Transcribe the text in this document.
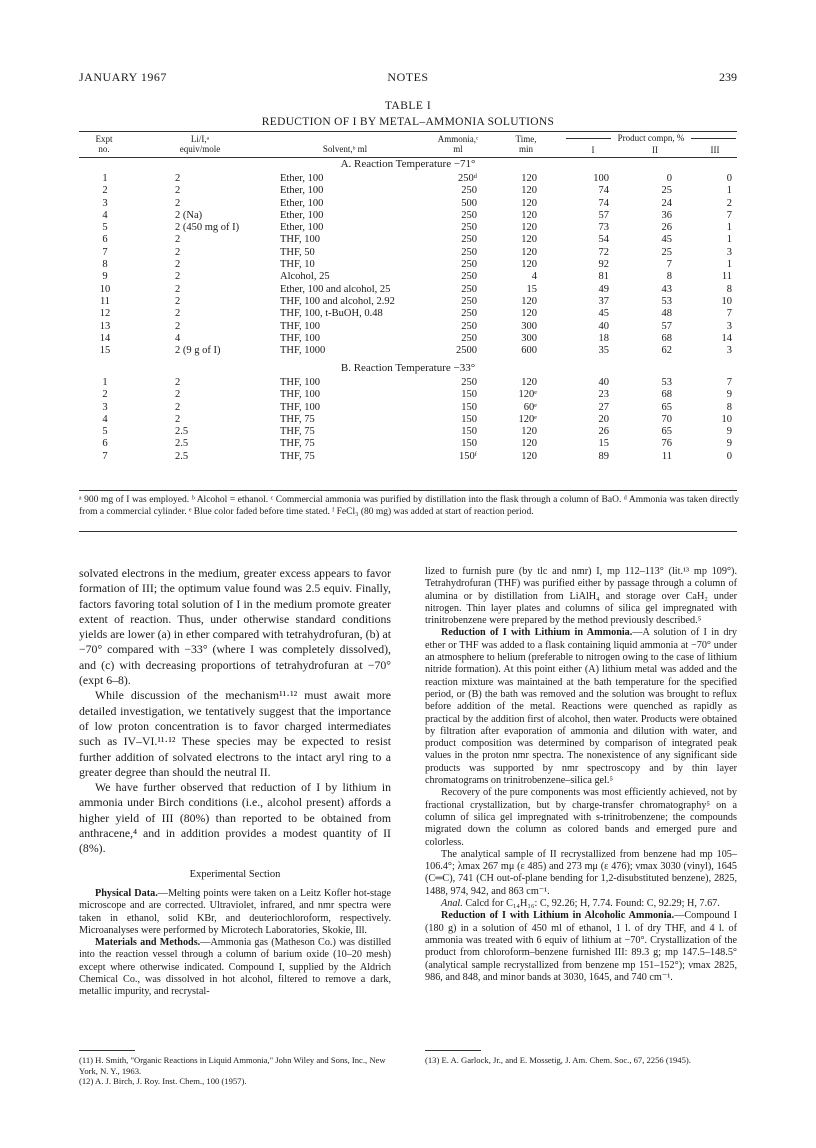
JANUARY 1967	NOTES	239
TABLE I
REDUCTION OF I BY METAL–AMMONIA SOLUTIONS
Expt
no.
Li/I,ᵃ
equiv/mole	Solvent,ᵇ ml
Ammonia,ᶜ
ml
Time,
min
Product compn, %
I	II	III
A. Reaction Temperature −71°
1	2	Ether, 100	250ᵈ	120	100	0	0
2	2	Ether, 100	250	120	74	25	1
3	2	Ether, 100	500	120	74	24	2
4	2 (Na)	Ether, 100	250	120	57	36	7
5	2 (450 mg of I)	Ether, 100	250	120	73	26	1
6	2	THF, 100	250	120	54	45	1
7	2	THF, 50	250	120	72	25	3
8	2	THF, 10	250	120	92	7	1
9	2	Alcohol, 25	250	4	81	8	11
10	2	Ether, 100 and alcohol, 25	250	15	49	43	8
11	2	THF, 100 and alcohol, 2.92	250	120	37	53	10
12	2	THF, 100, t-BuOH, 0.48	250	120	45	48	7
13	2	THF, 100	250	300	40	57	3
14	4	THF, 100	250	300	18	68	14
15	2 (9 g of I)	THF, 1000	2500	600	35	62	3
B. Reaction Temperature −33°
1	2	THF, 100	250	120	40	53	7
2	2	THF, 100	150	120ᵉ	23	68	9
3	2	THF, 100	150	60ᵉ	27	65	8
4	2	THF, 75	150	120ᵉ	20	70	10
5	2.5	THF, 75	150	120	26	65	9
6	2.5	THF, 75	150	120	15	76	9
7	2.5	THF, 75	150ᶠ	120	89	11	0
ᵃ 900 mg of I was employed. ᵇ Alcohol = ethanol. ᶜ Commercial ammonia was purified by distillation into the flask through a column of BaO. ᵈ Ammonia was taken directly from a commercial cylinder. ᵉ Blue color faded before time stated. ᶠ FeCl₃ (80 mg) was added at start of reaction period.

solvated electrons in the medium, greater excess appears to favor formation of III; the optimum value found was 2.5 equiv. Finally, factors favoring total solution of I in the medium promote greater extent of reaction. Thus, under otherwise standard conditions yields are lower (a) in ether compared with tetrahydrofuran, (b) at −70° compared with −33° (where I was completely dissolved), and (c) with decreasing proportions of tetrahydrofuran at −70° (expt 6–8).

While discussion of the mechanism¹¹·¹² must await more detailed investigation, we tentatively suggest that the importance of low proton concentration is to favor charged intermediates such as IV–VI.¹¹·¹² These species may be expected to resist further addition of solvated electrons to the intact aryl ring to a greater degree than should the neutral II.

We have further observed that reduction of I by lithium in ammonia under Birch conditions (i.e., alcohol present) affords a higher yield of III (80%) than reported to be obtained from anthracene,⁴ and in addition provides a modest quantity of II (8%).

Experimental Section

Physical Data.—Melting points were taken on a Leitz Kofler hot-stage microscope and are corrected. Ultraviolet, infrared, and nmr spectra were taken in ethanol, solid KBr, and deuteriochloroform, respectively. Microanalyses were performed by Microtech Laboratories, Skokie, Ill.

Materials and Methods.—Ammonia gas (Matheson Co.) was distilled into the reaction vessel through a column of barium oxide (10–20 mesh) except where otherwise indicated. Compound I, supplied by the Aldrich Chemical Co., was dissolved in hot alcohol, filtered to remove a dark, metallic impurity, and recrystal-

lized to furnish pure (by tlc and nmr) I, mp 112–113° (lit.¹³ mp 109°). Tetrahydrofuran (THF) was purified either by passage through a column of alumina or by distillation from LiAlH₄ and storage over CaH₂ under nitrogen. Thin layer plates and columns of silica gel impregnated with trinitrobenzene were prepared by the method previously described.⁵

Reduction of I with Lithium in Ammonia.—A solution of I in dry ether or THF was added to a flask containing liquid ammonia at −70° under an atmosphere to helium (preferable to nitrogen owing to the case of lithium nitride formation). At this point either (A) lithium metal was added and the reaction mixture was maintained at the bath temperature for the specified period, or (B) the bath was removed and the solution was brought to reflux before addition of the metal. Reactions were quenched as rapidly as practical by the addition first of alcohol, then water. Products were obtained by filtration after evaporation of ammonia and dilution with water, and product composition was determined by comparison of integrated peak values in the proton nmr spectra. The nonexistence of any significant side products was supported by nmr spectroscopy and by thin layer chromatograms on trinitrobenzene–silica gel.⁵

Recovery of the pure components was most efficiently achieved, not by fractional crystallization, but by charge-transfer chromatography⁵ on a column of silica gel impregnated with s-trinitrobenzene; the compounds migrated down the column as colored bands and emerged pure and colorless.

The analytical sample of II recrystallized from benzene had mp 105–106.4°; λmax 267 mμ (ε 485) and 273 mμ (ε 476); νmax 3030 (vinyl), 1645 (C═C), 741 (CH out-of-plane bending for 1,2-disubstituted benzene), 2825, 1488, 974, 942, and 863 cm⁻¹.

Anal. Calcd for C₁₄H₁₆: C, 92.26; H, 7.74. Found: C, 92.29; H, 7.67.

Reduction of I with Lithium in Alcoholic Ammonia.—Compound I (180 g) in a solution of 450 ml of ethanol, 1 l. of dry THF, and 4 l. of ammonia was treated with 6 equiv of lithium at −70°. Crystallization of the product from chloroform–benzene furnished III: 89.3 g; mp 147.5–148.5° (analytical sample recrystallized from benzene mp 151–152°); νmax 2825, 986, and 848, and minor bands at 3030, 1645, and 740 cm⁻¹.

(11) H. Smith, "Organic Reactions in Liquid Ammonia," John Wiley and Sons, Inc., New York, N. Y., 1963.
(12) A. J. Birch, J. Roy. Inst. Chem., 100 (1957).
(13) E. A. Garlock, Jr., and E. Mossetig, J. Am. Chem. Soc., 67, 2256 (1945).
